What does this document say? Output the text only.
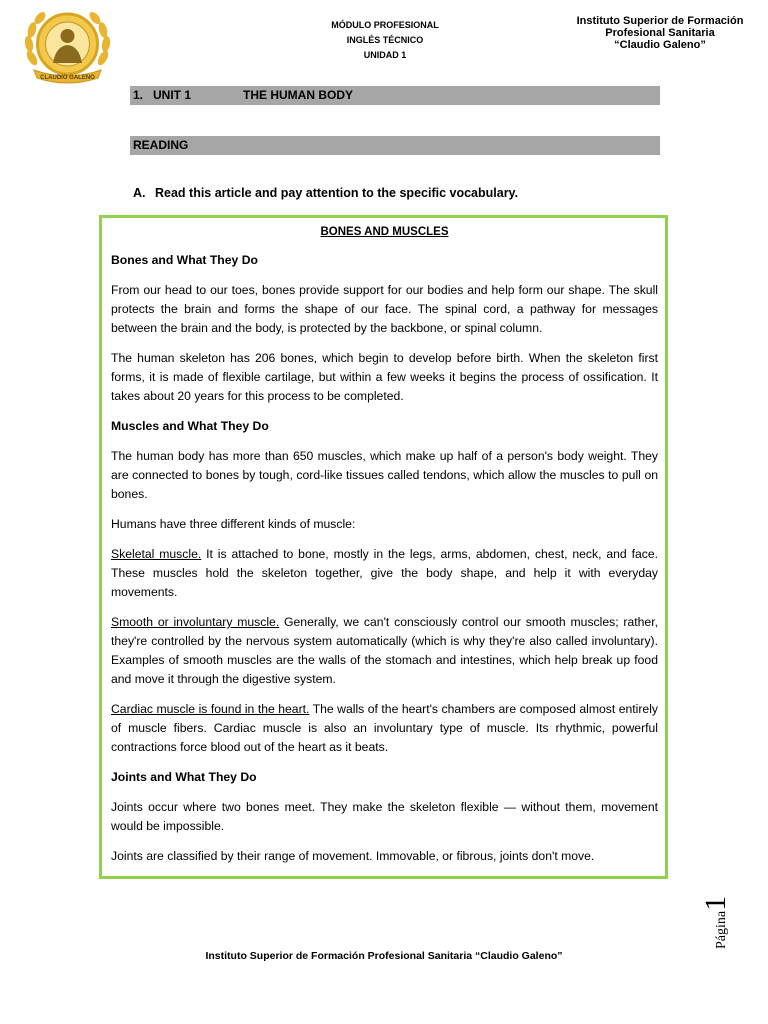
CLAUDIO GALENO
MÓDULO PROFESIONAL
INGLÉS TÉCNICO
UNIDAD 1
Instituto Superior de Formación
Profesional Sanitaria
“Claudio Galeno”
1.   UNIT 1	THE HUMAN BODY
READING
A. Read this article and pay attention to the specific vocabulary.
BONES AND MUSCLES
Bones and What They Do

From our head to our toes, bones provide support for our bodies and help form our shape. The skull protects the brain and forms the shape of our face. The spinal cord, a pathway for messages between the brain and the body, is protected by the backbone, or spinal column.

The human skeleton has 206 bones, which begin to develop before birth. When the skeleton first forms, it is made of flexible cartilage, but within a few weeks it begins the process of ossification. It takes about 20 years for this process to be completed.

Muscles and What They Do

The human body has more than 650 muscles, which make up half of a person's body weight. They are connected to bones by tough, cord-like tissues called tendons, which allow the muscles to pull on bones.

Humans have three different kinds of muscle:

Skeletal muscle. It is attached to bone, mostly in the legs, arms, abdomen, chest, neck, and face. These muscles hold the skeleton together, give the body shape, and help it with everyday movements.

Smooth or involuntary muscle. Generally, we can't consciously control our smooth muscles; rather, they're controlled by the nervous system automatically (which is why they're also called involuntary). Examples of smooth muscles are the walls of the stomach and intestines, which help break up food and move it through the digestive system.

Cardiac muscle is found in the heart. The walls of the heart's chambers are composed almost entirely of muscle fibers. Cardiac muscle is also an involuntary type of muscle. Its rhythmic, powerful contractions force blood out of the heart as it beats.

Joints and What They Do

Joints occur where two bones meet. They make the skeleton flexible — without them, movement would be impossible.

Joints are classified by their range of movement. Immovable, or fibrous, joints don't move.

Página1
Instituto Superior de Formación Profesional Sanitaria “Claudio Galeno”
